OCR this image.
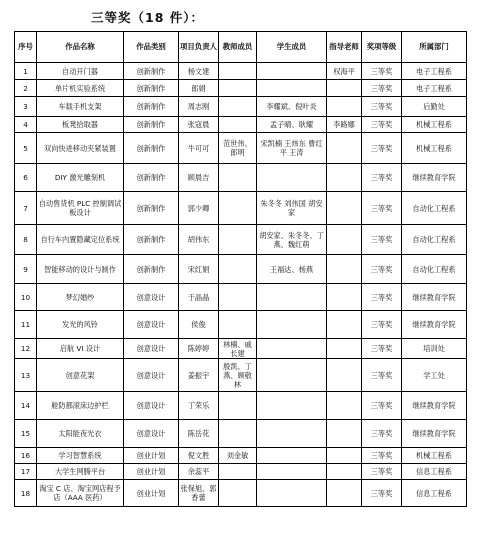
三等奖（18 件）：
序号	作品名称	作品类别	项目负责人	教师成员	学生成员	指导老师	奖项等级	所属部门
1	自动开门器	创新制作	杨文建			权海平	三等奖	电子工程系
2	单片机实验系统	创新制作	郎娟				三等奖	电子工程系
3	车载手机支架	创新制作	周志刚		李耀斌、倪叶炎		三等奖	后勤处
4	板凳拾取器	创新制作	张寇晨		孟子晴、耿耀	李路娜	三等奖	机械工程系
5	双向快进移动夹紧装置	创新制作	牛可可	范世伟、郎明	宋凯楠 王炜东 曹红平 王涛		三等奖	机械工程系
6	DIY 激光雕刻机	创新制作	顾晨吉				三等奖	继续教育学院
7	自动售货机 PLC 控制调试板设计	创新制作	郭少卿		朱冬冬 刘伟国 胡安家		三等奖	自动化工程系
8	自行车内置隐藏定位系统	创新制作	胡伟东		胡安家、朱冬冬、丁燕、魏红萌		三等奖	自动化工程系
9	智能移动的设计与制作	创新制作	宋红娟		王福达、杨燕		三等奖	自动化工程系
10	梦幻婚纱	创意设计	于晶晶				三等奖	继续教育学院
11	发光的风铃	创意设计	侯俊				三等奖	继续教育学院
12	启航 VI 设计	创意设计	陈婷婷	林楠、戚长建			三等奖	培训处
13	创意花架	创意设计	姜振宇	殷凯、丁燕、顾敬林			三等奖	学工处
14	舱防都滚床边护栏	创意设计	丁荣乐				三等奖	继续教育学院
15	太阳能夜光衣	创意设计	陈岳花				三等奖	继续教育学院
16	学习智慧系统	创业计划	倪文胜	刘金敏			三等奖	机械工程系
17	大学生网腾平台	创业计划	余蕊平				三等奖	信息工程系
18	淘宝 C 店、淘宝网店程予店（AAA 医药）	创业计划	张保旭、郭香蕾				三等奖	信息工程系
